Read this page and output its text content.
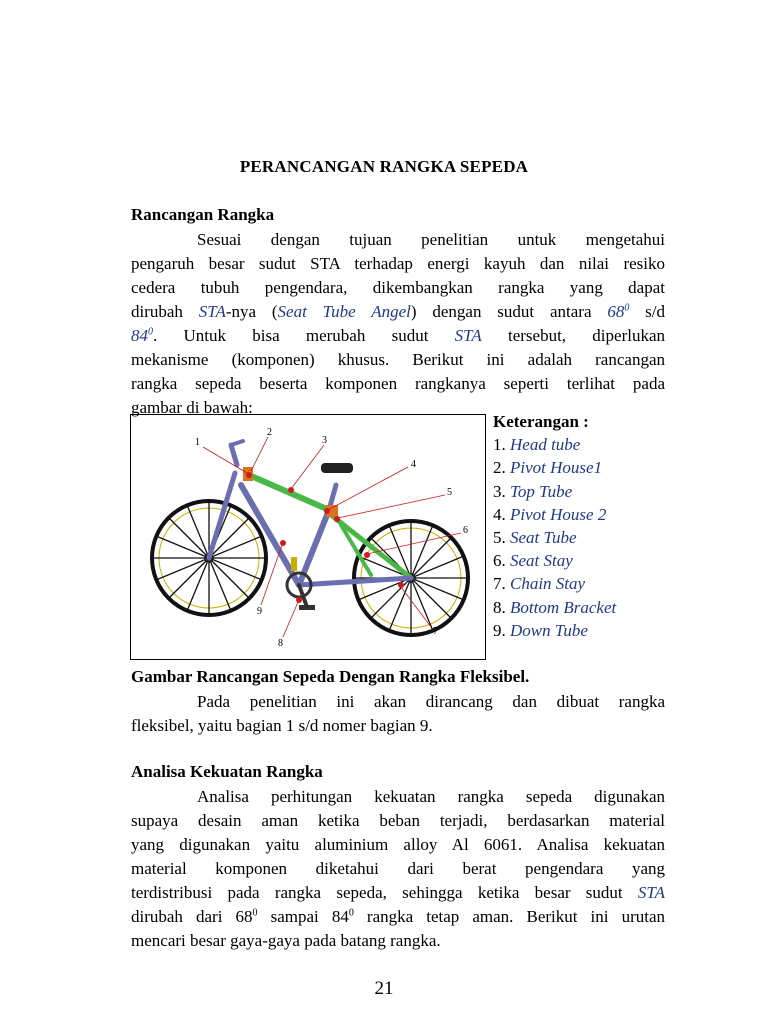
PERANCANGAN RANGKA SEPEDA
Rancangan Rangka
Sesuai dengan tujuan penelitian untuk mengetahui
pengaruh besar sudut STA terhadap energi kayuh dan nilai resiko
cedera tubuh pengendara, dikembangkan rangka yang dapat
dirubah STA-nya (Seat Tube Angel) dengan sudut antara $68^0$ s/d
$84^0$. Untuk bisa merubah sudut STA tersebut, diperlukan
mekanisme (komponen) khusus. Berikut ini adalah rancangan
rangka sepeda beserta komponen rangkanya seperti terlihat pada
gambar di bawah:
1
2
3
4
5
6
7
8
9
Keterangan :
1. Head tube
2. Pivot House1
3. Top Tube
4. Pivot House 2
5. Seat Tube
6. Seat Stay
7. Chain Stay
8. Bottom Bracket
9. Down Tube
Gambar Rancangan Sepeda Dengan Rangka Fleksibel.
Pada penelitian ini akan dirancang dan dibuat rangka
fleksibel, yaitu bagian 1 s/d nomer bagian 9.
Analisa Kekuatan Rangka
Analisa perhitungan kekuatan rangka sepeda digunakan
supaya desain aman ketika beban terjadi, berdasarkan material
yang digunakan yaitu aluminium alloy Al 6061. Analisa kekuatan
material komponen diketahui dari berat pengendara yang
terdistribusi pada rangka sepeda, sehingga ketika besar sudut STA
dirubah dari $68^0$ sampai $84^0$ rangka tetap aman. Berikut ini urutan
mencari besar gaya-gaya pada batang rangka.
21
